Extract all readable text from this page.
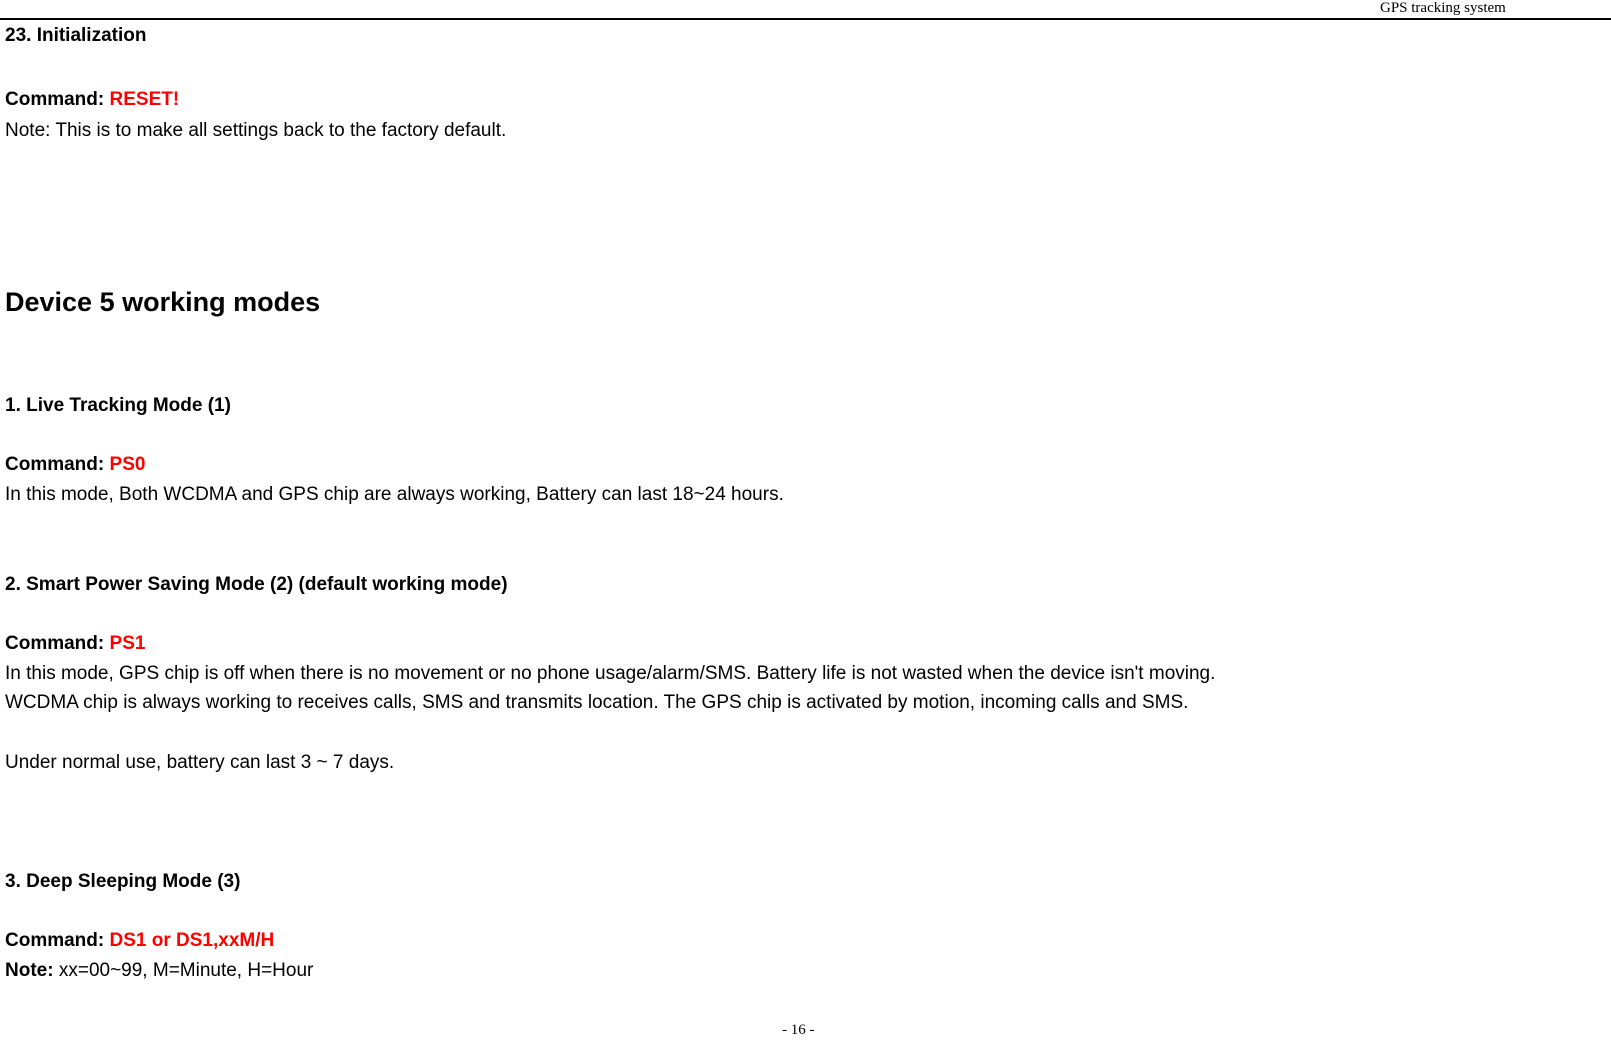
GPS tracking system
23. Initialization
Command: RESET!
Note: This is to make all settings back to the factory default.
Device 5 working modes
1. Live Tracking Mode (1)
Command: PS0
In this mode, Both WCDMA and GPS chip are always working, Battery can last 18~24 hours.
2. Smart Power Saving Mode (2) (default working mode)
Command: PS1
In this mode, GPS chip is off when there is no movement or no phone usage/alarm/SMS. Battery life is not wasted when the device isn't moving.
WCDMA chip is always working to receives calls, SMS and transmits location. The GPS chip is activated by motion, incoming calls and SMS.
Under normal use, battery can last 3 ~ 7 days.
3. Deep Sleeping Mode (3)
Command: DS1 or DS1,xxM/H
Note: xx=00~99, M=Minute, H=Hour
- 16 -
